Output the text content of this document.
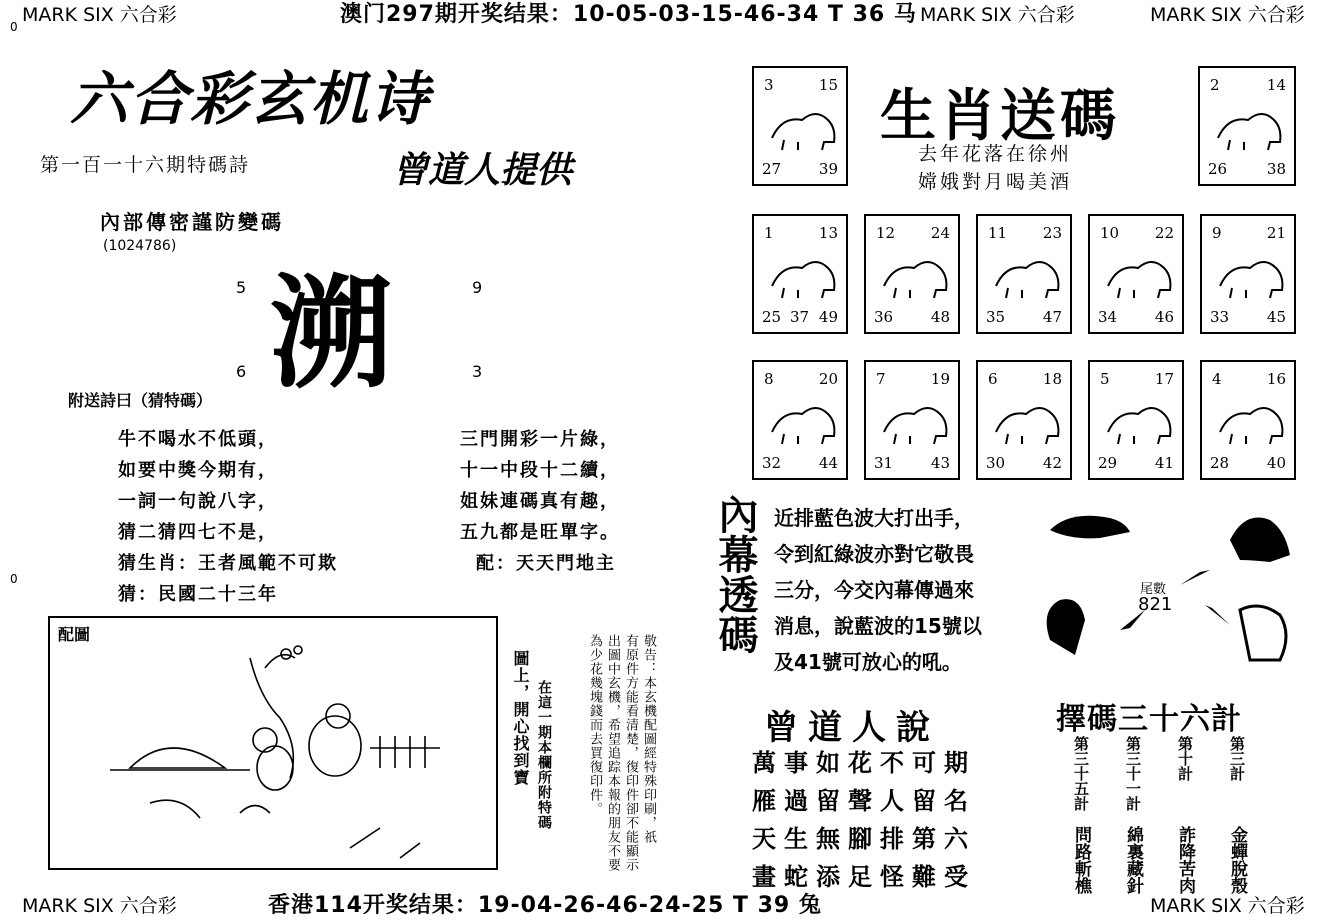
MARK SIX 六合彩	MARK SIX 六合彩	MARK SIX 六合彩
澳门297期开奖结果：10-05-03-15-46-34 T 36 马
0
0
六合彩玄机诗
第一百一十六期特碼詩	曾道人提供
內部傳密謹防變碼
(1024786)
5	9
6	3
溯
附送詩曰（猜特碼）
牛不喝水不低頭，
如要中獎今期有，
一詞一句說八字，
猜二猜四七不是，
猜生肖：王者風範不可欺
猜：民國二十三年
三門開彩一片綠，
十一中段十二續，
姐妹連碼真有趣，
五九都是旺單字。
配：天天門地主
配圖
圖上，開心找到寶 在這一期本欄所附特碼	敬告：本玄機配圖經特殊印刷，祇
有原件方能看清楚，復印件卻不能顯示
出圖中玄機，希望追踪本報的朋友不要
為少花幾塊錢而去買復印件。
生肖送碼
去年花落在徐州
嫦娥對月喝美酒
3	15
27	39
2	14
26	38
1	13
25	49
37
12 24
36	48
11 23
35	47
10 22
34	46
9	21
33	45
8	20
32	44
7	19
31	43
6	18
30	42
5	17
29	41
4	16
28	40
內幕透碼 近排藍色波大打出手，
令到紅綠波亦對它敬畏
三分，今交內幕傳過來
消息，說藍波的15號以
及41號可放心的吼。
尾數
821
曾道人說
萬事如花不可期
雁過留聲人留名
天生無腳排第六
畫蛇添足怪難受
擇碼三十六計
第三十五計
問路斬樵
第三十一計
綿裏藏針
第十計
詐降苦肉
第三計
金蟬脫殼
MARK SIX 六合彩	MARK SIX 六合彩
香港114开奖结果：19-04-26-46-24-25 T 39 兔
